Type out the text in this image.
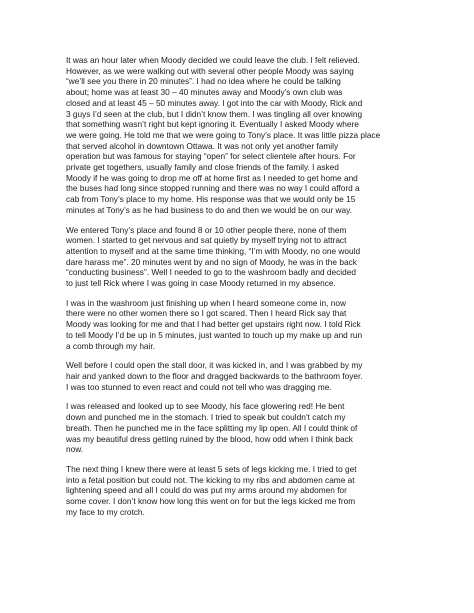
It was an hour later when Moody decided we could leave the club. I felt relieved.
However, as we were walking out with several other people Moody was saying
“we’ll see you there in 20 minutes”. I had no idea where he could be talking
about; home was at least 30 – 40 minutes away and Moody’s own club was
closed and at least 45 – 50 minutes away. I got into the car with Moody, Rick and
3 guys I’d seen at the club, but I didn’t know them. I was tingling all over knowing
that something wasn’t right but kept ignoring it. Eventually I asked Moody where
we were going. He told me that we were going to Tony’s place. It was little pizza place
that served alcohol in downtown Ottawa. It was not only yet another family
operation but was famous for staying “open” for select clientele after hours. For
private get togethers, usually family and close friends of the family. I asked
Moody if he was going to drop me off at home first as I needed to get home and
the buses had long since stopped running and there was no way I could afford a
cab from Tony’s place to my home. His response was that we would only be 15
minutes at Tony’s as he had business to do and then we would be on our way.

We entered Tony’s place and found 8 or 10 other people there, none of them
women. I started to get nervous and sat quietly by myself trying not to attract
attention to myself and at the same time thinking, “I’m with Moody, no one would
dare harass me”. 20 minutes went by and no sign of Moody, he was in the back
“conducting business”. Well I needed to go to the washroom badly and decided
to just tell Rick where I was going in case Moody returned in my absence.

I was in the washroom just finishing up when I heard someone come in, now
there were no other women there so I got scared. Then I heard Rick say that
Moody was looking for me and that I had better get upstairs right now. I told Rick
to tell Moody I’d be up in 5 minutes, just wanted to touch up my make up and run
a comb through my hair.

Well before I could open the stall door, it was kicked in, and I was grabbed by my
hair and yanked down to the floor and dragged backwards to the bathroom foyer.
I was too stunned to even react and could not tell who was dragging me.

I was released and looked up to see Moody, his face glowering red! He bent
down and punched me in the stomach. I tried to speak but couldn’t catch my
breath. Then he punched me in the face splitting my lip open. All I could think of
was my beautiful dress getting ruined by the blood, how odd when I think back
now.

The next thing I knew there were at least 5 sets of legs kicking me. I tried to get
into a fetal position but could not. The kicking to my ribs and abdomen came at
lightening speed and all I could do was put my arms around my abdomen for
some cover. I don’t know how long this went on for but the legs kicked me from
my face to my crotch.
